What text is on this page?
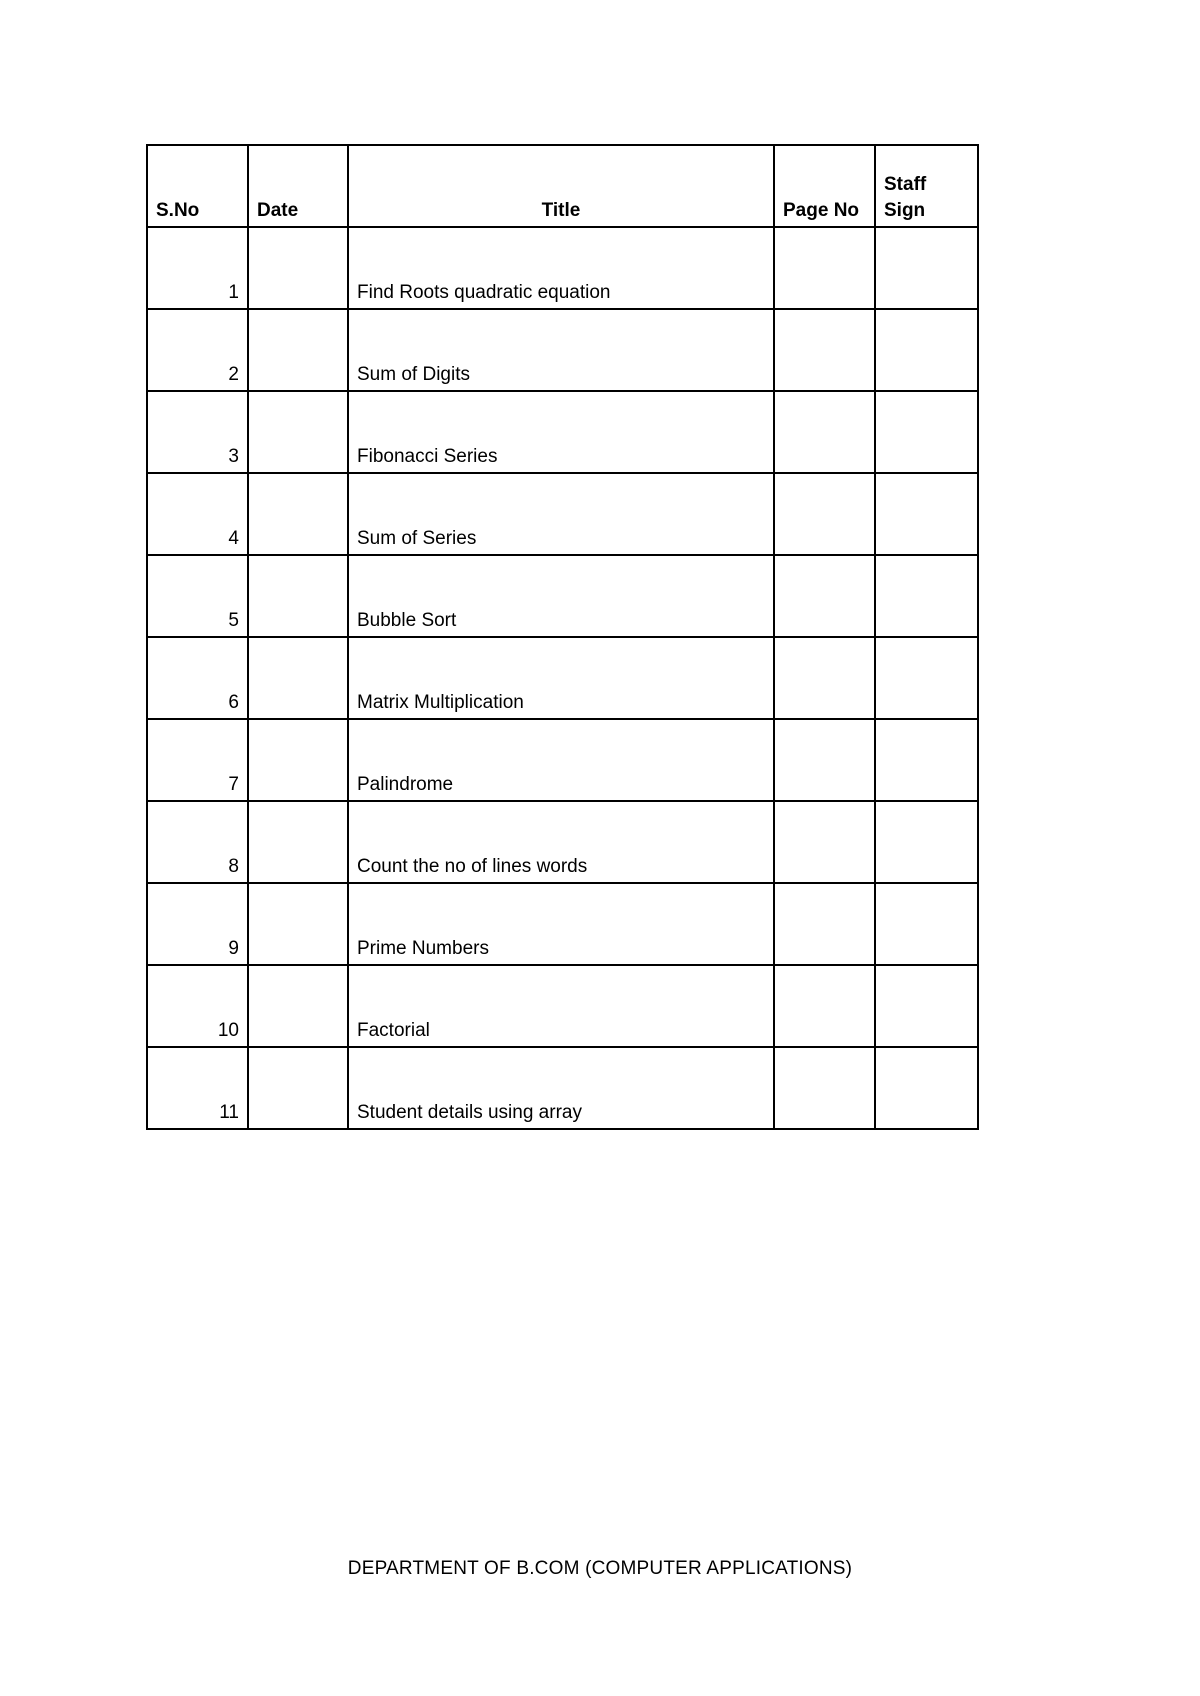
S.No	Date	Title	Page No	Staff Sign
1		Find Roots quadratic equation		
2		Sum of Digits		
3		Fibonacci Series		
4		Sum of Series		
5		Bubble Sort		
6		Matrix Multiplication		
7		Palindrome		
8		Count the no of lines words		
9		Prime Numbers		
10		Factorial		
11		Student details using array		
DEPARTMENT OF B.COM (COMPUTER APPLICATIONS)
